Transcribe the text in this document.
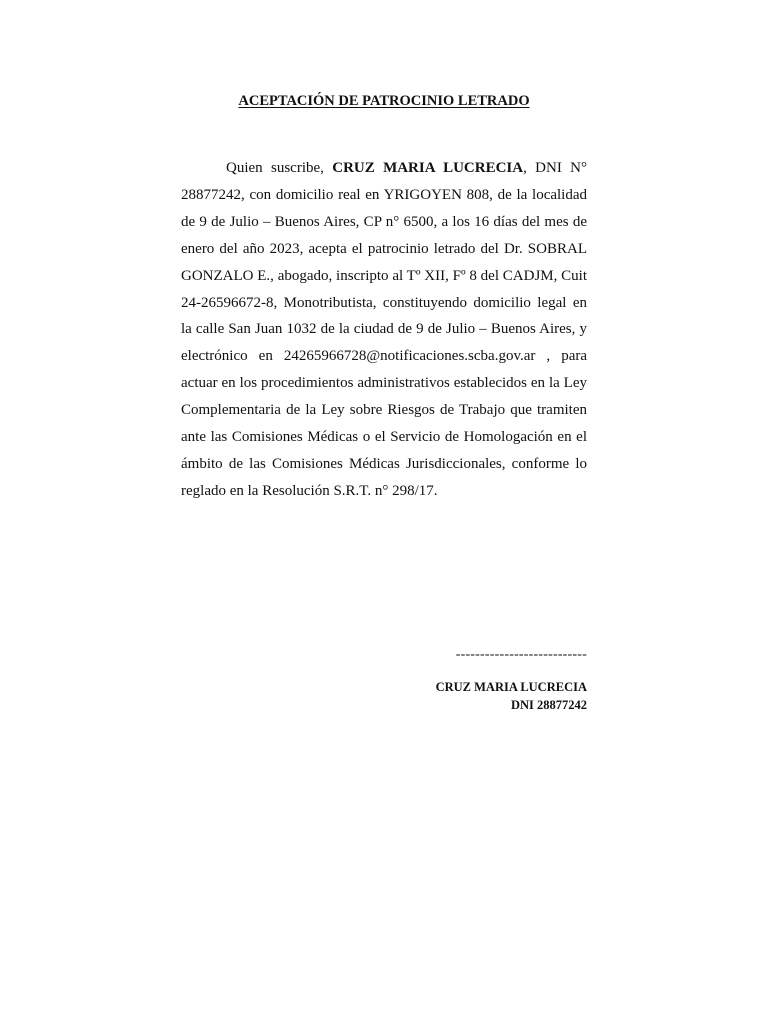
ACEPTACIÓN DE PATROCINIO LETRADO

Quien suscribe, CRUZ MARIA LUCRECIA, DNI N° 28877242, con domicilio real en YRIGOYEN 808, de la localidad de 9 de Julio – Buenos Aires, CP n° 6500, a los 16 días del mes de enero del año 2023, acepta el patrocinio letrado del Dr. SOBRAL GONZALO E., abogado, inscripto al Tº XII, Fº 8 del CADJM, Cuit 24-26596672-8, Monotributista, constituyendo domicilio legal en la calle San Juan 1032 de la ciudad de 9 de Julio – Buenos Aires, y electrónico en 24265966728@notificaciones.scba.gov.ar , para actuar en los procedimientos administrativos establecidos en la Ley Complementaria de la Ley sobre Riesgos de Trabajo que tramiten ante las Comisiones Médicas o el Servicio de Homologación en el ámbito de las Comisiones Médicas Jurisdiccionales, conforme lo reglado en la Resolución S.R.T. n° 298/17.

---------------------------
CRUZ MARIA LUCRECIA
DNI 28877242
